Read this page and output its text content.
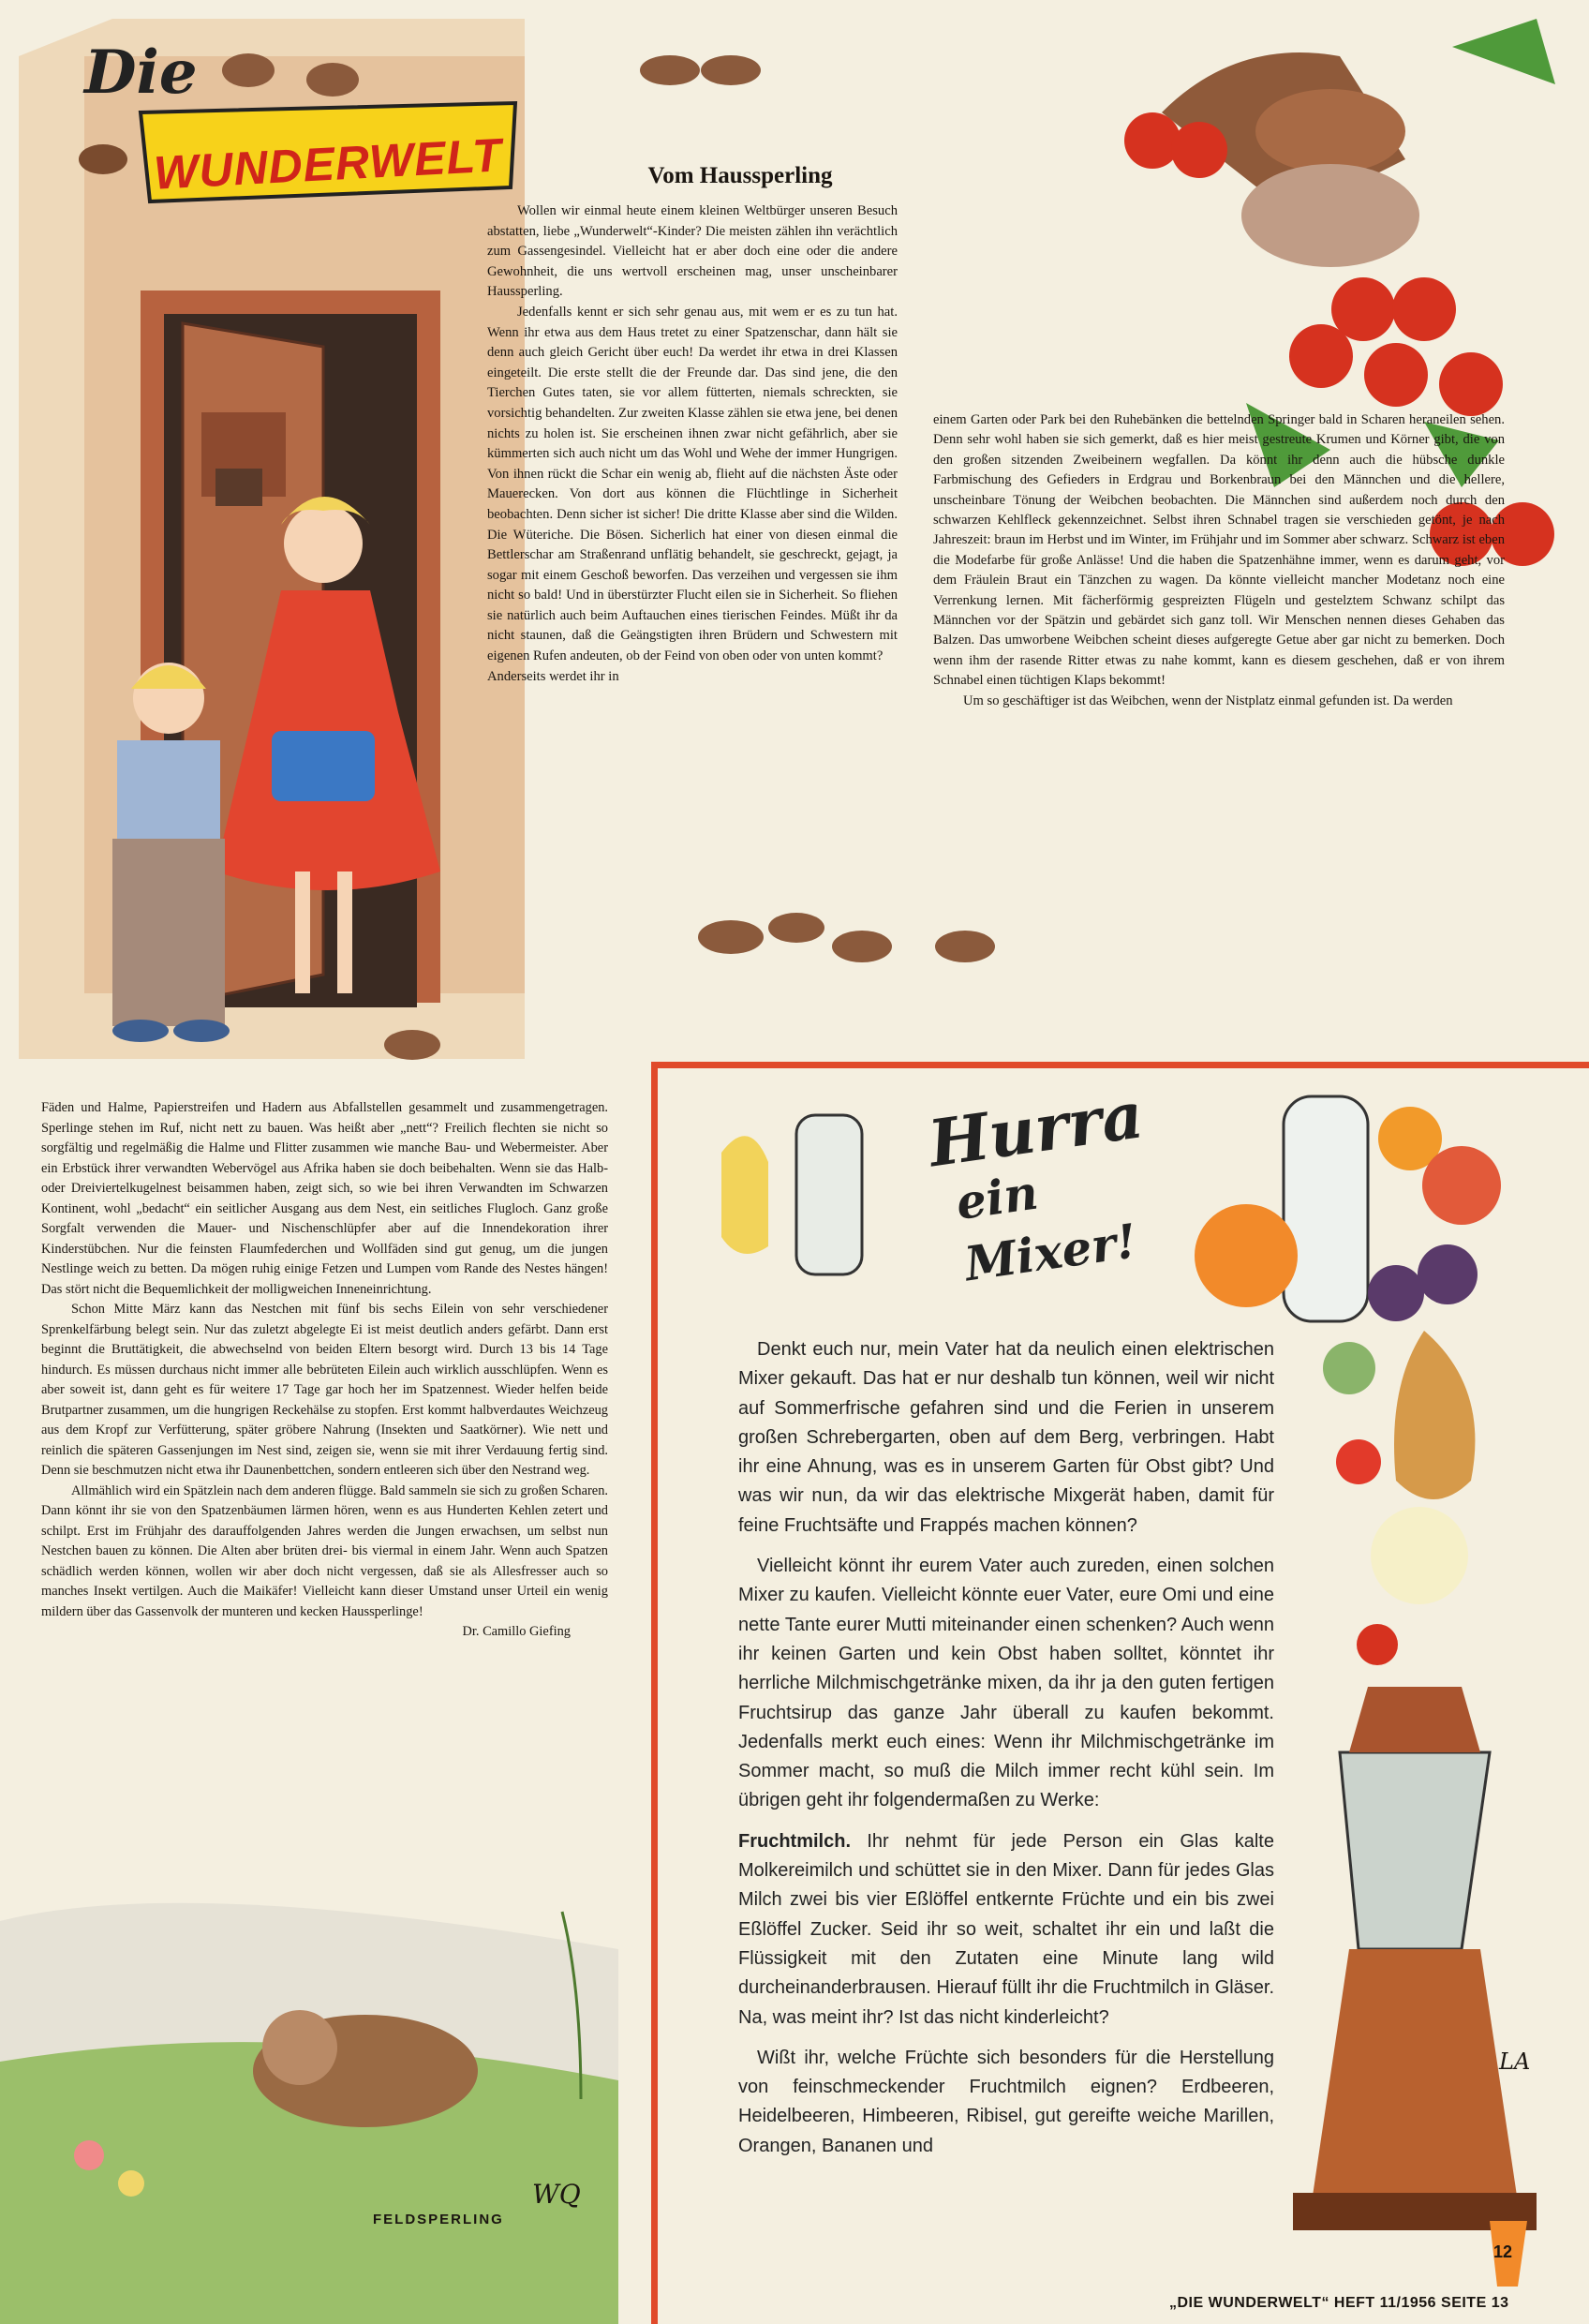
Die
WUNDERWELT	Vom Haussperling

Wollen wir einmal heute einem kleinen Weltbürger unseren Besuch abstatten, liebe „Wunderwelt“-Kinder? Die meisten zählen ihn verächtlich zum Gassengesindel. Vielleicht hat er aber doch eine oder die andere Gewohnheit, die uns wertvoll erscheinen mag, unser unscheinbarer Haussperling.

Jedenfalls kennt er sich sehr genau aus, mit wem er es zu tun hat. Wenn ihr etwa aus dem Haus tretet zu einer Spatzenschar, dann hält sie denn auch gleich Gericht über euch! Da werdet ihr etwa in drei Klassen eingeteilt. Die erste stellt die der Freunde dar. Das sind jene, die den Tierchen Gutes taten, sie vor allem fütterten, niemals schreckten, sie vorsichtig behandelten. Zur zweiten Klasse zählen sie etwa jene, bei denen nichts zu holen ist. Sie erscheinen ihnen zwar nicht gefährlich, aber sie kümmerten sich auch nicht um das Wohl und Wehe der immer Hungrigen. Von ihnen rückt die Schar ein wenig ab, flieht auf die nächsten Äste oder Mauerecken. Von dort aus können die Flüchtlinge in Sicherheit beobachten. Denn sicher ist sicher! Die dritte Klasse aber sind die Wilden. Die Wüteriche. Die Bösen. Sicherlich hat einer von diesen einmal die Bettlerschar am Straßenrand unflätig behandelt, sie geschreckt, gejagt, ja sogar mit einem Geschoß beworfen. Das verzeihen und vergessen sie ihm nicht so bald! Und in überstürzter Flucht eilen sie in Sicherheit. So fliehen sie natürlich auch beim Auftauchen eines tierischen Feindes. Müßt ihr da nicht staunen, daß die Geängstigten ihren Brüdern und Schwestern mit eigenen Rufen andeuten, ob der Feind von oben oder von unten kommt?

Anderseits werdet ihr in

einem Garten oder Park bei den Ruhebänken die bettelnden Springer bald in Scharen heraneilen sehen. Denn sehr wohl haben sie sich gemerkt, daß es hier meist gestreute Krumen und Körner gibt, die von den großen sitzenden Zweibeinern wegfallen. Da könnt ihr denn auch die hübsche dunkle Farbmischung des Gefieders in Erdgrau und Borkenbraun bei den Männchen und die hellere, unscheinbare Tönung der Weibchen beobachten. Die Männchen sind außerdem noch durch den schwarzen Kehlfleck gekennzeichnet. Selbst ihren Schnabel tragen sie verschieden getönt, je nach Jahreszeit: braun im Herbst und im Winter, im Frühjahr und im Sommer aber schwarz. Schwarz ist eben die Modefarbe für große Anlässe! Und die haben die Spatzenhähne immer, wenn es darum geht, vor dem Fräulein Braut ein Tänzchen zu wagen. Da könnte vielleicht mancher Modetanz noch eine Verrenkung lernen. Mit fächerförmig gespreizten Flügeln und gestelztem Schwanz schilpt das Männchen vor der Spätzin und gebärdet sich ganz toll. Wir Menschen nennen dieses Gehaben das Balzen. Das umworbene Weibchen scheint dieses aufgeregte Getue aber gar nicht zu bemerken. Doch wenn ihm der rasende Ritter etwas zu nahe kommt, kann es diesem geschehen, daß er von ihrem Schnabel einen tüchtigen Klaps bekommt!

Um so geschäftiger ist das Weibchen, wenn der Nistplatz einmal gefunden ist. Da werden

Fäden und Halme, Papierstreifen und Hadern aus Abfallstellen gesammelt und zusammengetragen. Sperlinge stehen im Ruf, nicht nett zu bauen. Was heißt aber „nett“? Freilich flechten sie nicht so sorgfältig und regelmäßig die Halme und Flitter zusammen wie manche Bau- und Webermeister. Aber ein Erbstück ihrer verwandten Webervögel aus Afrika haben sie doch beibehalten. Wenn sie das Halb- oder Dreiviertelkugelnest beisammen haben, zeigt sich, so wie bei ihren Verwandten im Schwarzen Kontinent, wohl „bedacht“ ein seitlicher Ausgang aus dem Nest, ein seitliches Flugloch. Ganz große Sorgfalt verwenden die Mauer- und Nischenschlüpfer aber auf die Innendekoration ihrer Kinderstübchen. Nur die feinsten Flaumfederchen und Wollfäden sind gut genug, um die jungen Nestlinge weich zu betten. Da mögen ruhig einige Fetzen und Lumpen vom Rande des Nestes hängen! Das stört nicht die Bequemlichkeit der molligweichen Inneneinrichtung.

Schon Mitte März kann das Nestchen mit fünf bis sechs Eilein von sehr verschiedener Sprenkelfärbung belegt sein. Nur das zuletzt abgelegte Ei ist meist deutlich anders gefärbt. Dann erst beginnt die Bruttätigkeit, die abwechselnd von beiden Eltern besorgt wird. Durch 13 bis 14 Tage hindurch. Es müssen durchaus nicht immer alle bebrüteten Eilein auch wirklich ausschlüpfen. Wenn es aber soweit ist, dann geht es für weitere 17 Tage gar hoch her im Spatzennest. Wieder helfen beide Brutpartner zusammen, um die hungrigen Reckehälse zu stopfen. Erst kommt halbverdautes Weichzeug aus dem Kropf zur Verfütterung, später gröbere Nahrung (Insekten und Saatkörner). Wie nett und reinlich die späteren Gassenjungen im Nest sind, zeigen sie, wenn sie mit ihrer Verdauung fertig sind. Denn sie beschmutzen nicht etwa ihr Daunenbettchen, sondern entleeren sich über den Nestrand weg.

Allmählich wird ein Spätzlein nach dem anderen flügge. Bald sammeln sie sich zu großen Scharen. Dann könnt ihr sie von den Spatzenbäumen lärmen hören, wenn es aus Hunderten Kehlen zetert und schilpt. Erst im Frühjahr des darauffolgenden Jahres werden die Jungen erwachsen, um selbst nun Nestchen bauen zu können. Die Alten aber brüten drei- bis viermal in einem Jahr. Wenn auch Spatzen schädlich werden können, wollen wir aber doch nicht vergessen, daß sie als Allesfresser auch so manches Insekt vertilgen. Auch die Maikäfer! Vielleicht kann dieser Umstand unser Urteil ein wenig mildern über das Gassenvolk der munteren und kecken Haussperlinge!

Dr. Camillo Giefing
FELDSPERLING
WQ
Hurra
ein Mixer!

Denkt euch nur, mein Vater hat da neulich einen elektrischen Mixer gekauft. Das hat er nur deshalb tun können, weil wir nicht auf Sommerfrische gefahren sind und die Ferien in unserem großen Schrebergarten, oben auf dem Berg, verbringen. Habt ihr eine Ahnung, was es in unserem Garten für Obst gibt? Und was wir nun, da wir das elektrische Mixgerät haben, damit für feine Fruchtsäfte und Frappés machen können?

Vielleicht könnt ihr eurem Vater auch zureden, einen solchen Mixer zu kaufen. Vielleicht könnte euer Vater, eure Omi und eine nette Tante eurer Mutti miteinander einen schenken? Auch wenn ihr keinen Garten und kein Obst haben solltet, könntet ihr herrliche Milchmischgetränke mixen, da ihr ja den guten fertigen Fruchtsirup das ganze Jahr überall zu kaufen bekommt. Jedenfalls merkt euch eines: Wenn ihr Milchmischgetränke im Sommer macht, so muß die Milch immer recht kühl sein. Im übrigen geht ihr folgendermaßen zu Werke:

Fruchtmilch. Ihr nehmt für jede Person ein Glas kalte Molkereimilch und schüttet sie in den Mixer. Dann für jedes Glas Milch zwei bis vier Eßlöffel entkernte Früchte und ein bis zwei Eßlöffel Zucker. Seid ihr so weit, schaltet ihr ein und laßt die Flüssigkeit mit den Zutaten eine Minute lang wild durcheinanderbrausen. Hierauf füllt ihr die Fruchtmilch in Gläser. Na, was meint ihr? Ist das nicht kinderleicht?

Wißt ihr, welche Früchte sich besonders für die Herstellung von feinschmeckender Fruchtmilch eignen? Erdbeeren, Heidelbeeren, Himbeeren, Ribisel, gut gereifte weiche Marillen, Orangen, Bananen und

LA
12
„DIE WUNDERWELT“ HEFT 11/1956 SEITE 13
